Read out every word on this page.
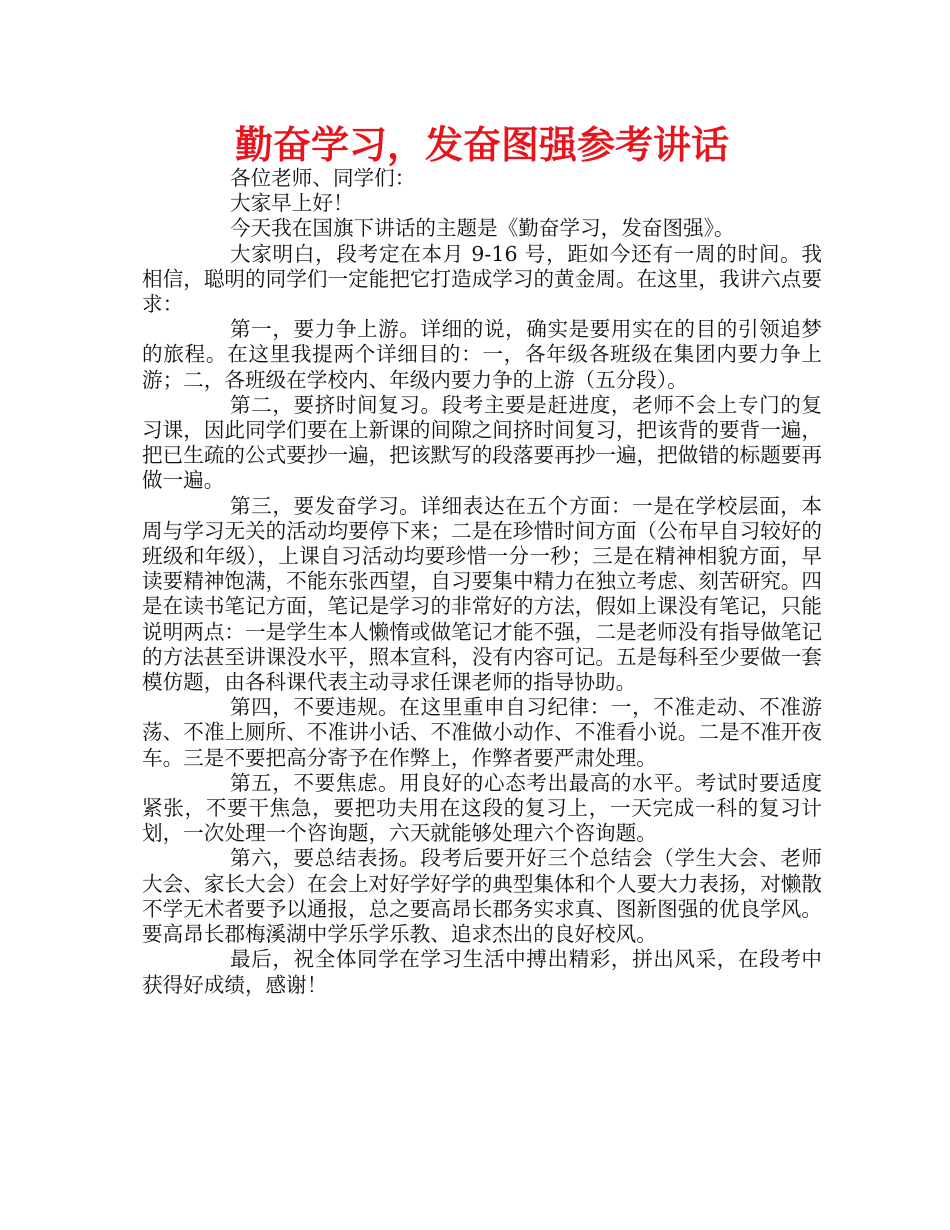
勤奋学习，发奋图强参考讲话

各位老师、同学们：

大家早上好！

今天我在国旗下讲话的主题是《勤奋学习，发奋图强》。

大家明白，段考定在本月 9-16 号，距如今还有一周的时间。我相信，聪明的同学们一定能把它打造成学习的黄金周。在这里，我讲六点要求：

第一，要力争上游。详细的说，确实是要用实在的目的引领追梦的旅程。在这里我提两个详细目的：一，各年级各班级在集团内要力争上游；二，各班级在学校内、年级内要力争的上游（五分段）。

第二，要挤时间复习。段考主要是赶进度，老师不会上专门的复习课，因此同学们要在上新课的间隙之间挤时间复习，把该背的要背一遍，把已生疏的公式要抄一遍，把该默写的段落要再抄一遍，把做错的标题要再做一遍。

第三，要发奋学习。详细表达在五个方面：一是在学校层面，本周与学习无关的活动均要停下来；二是在珍惜时间方面（公布早自习较好的班级和年级），上课自习活动均要珍惜一分一秒；三是在精神相貌方面，早读要精神饱满，不能东张西望，自习要集中精力在独立考虑、刻苦研究。四是在读书笔记方面，笔记是学习的非常好的方法，假如上课没有笔记，只能说明两点：一是学生本人懒惰或做笔记才能不强，二是老师没有指导做笔记的方法甚至讲课没水平，照本宣科，没有内容可记。五是每科至少要做一套模仿题，由各科课代表主动寻求任课老师的指导协助。

第四，不要违规。在这里重申自习纪律：一，不准走动、不准游荡、不准上厕所、不准讲小话、不准做小动作、不准看小说。二是不准开夜车。三是不要把高分寄予在作弊上，作弊者要严肃处理。

第五，不要焦虑。用良好的心态考出最高的水平。考试时要适度紧张，不要干焦急，要把功夫用在这段的复习上，一天完成一科的复习计划，一次处理一个咨询题，六天就能够处理六个咨询题。

第六，要总结表扬。段考后要开好三个总结会（学生大会、老师大会、家长大会）在会上对好学好学的典型集体和个人要大力表扬，对懒散不学无术者要予以通报，总之要高昂长郡务实求真、图新图强的优良学风。要高昂长郡梅溪湖中学乐学乐教、追求杰出的良好校风。

最后，祝全体同学在学习生活中搏出精彩，拼出风采，在段考中获得好成绩，感谢！
